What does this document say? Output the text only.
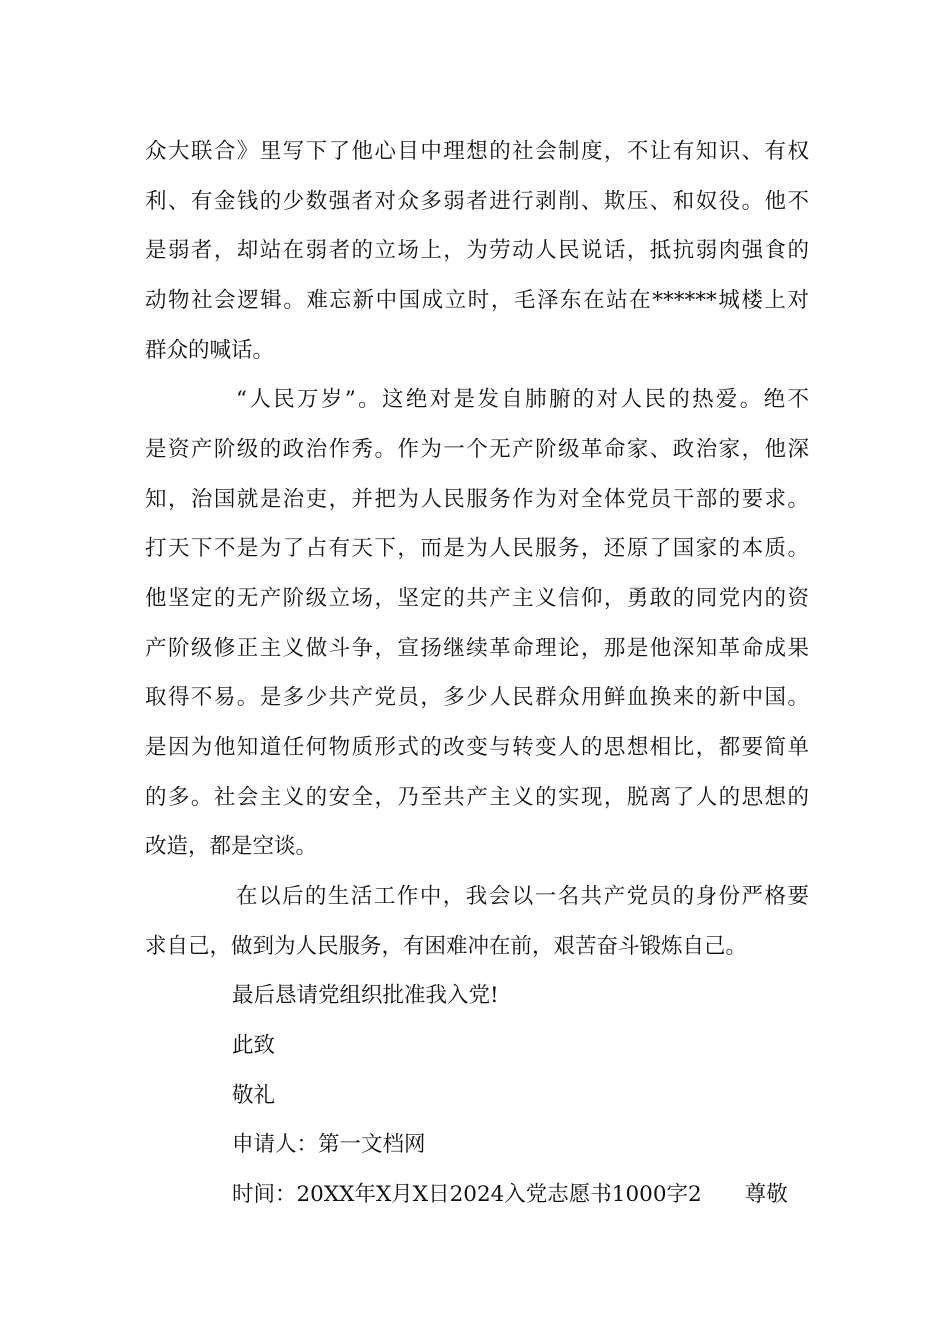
众大联合》里写下了他心目中理想的社会制度，不让有知识、有权
利、有金钱的少数强者对众多弱者进行剥削、欺压、和奴役。他不
是弱者，却站在弱者的立场上，为劳动人民说话，抵抗弱肉强食的
动物社会逻辑。难忘新中国成立时，毛泽东在站在******城楼上对
群众的喊话。
“人民万岁”。这绝对是发自肺腑的对人民的热爱。绝不
是资产阶级的政治作秀。作为一个无产阶级革命家、政治家，他深
知，治国就是治吏，并把为人民服务作为对全体党员干部的要求。
打天下不是为了占有天下，而是为人民服务，还原了国家的本质。
他坚定的无产阶级立场，坚定的共产主义信仰，勇敢的同党内的资
产阶级修正主义做斗争，宣扬继续革命理论，那是他深知革命成果
取得不易。是多少共产党员，多少人民群众用鲜血换来的新中国。
是因为他知道任何物质形式的改变与转变人的思想相比，都要简单
的多。社会主义的安全，乃至共产主义的实现，脱离了人的思想的
改造，都是空谈。
在以后的生活工作中，我会以一名共产党员的身份严格要
求自己，做到为人民服务，有困难冲在前，艰苦奋斗锻炼自己。
最后恳请党组织批准我入党!
此致
敬礼
申请人：第一文档网
时间：20XX年X月X日2024入党志愿书1000字2　　尊敬
